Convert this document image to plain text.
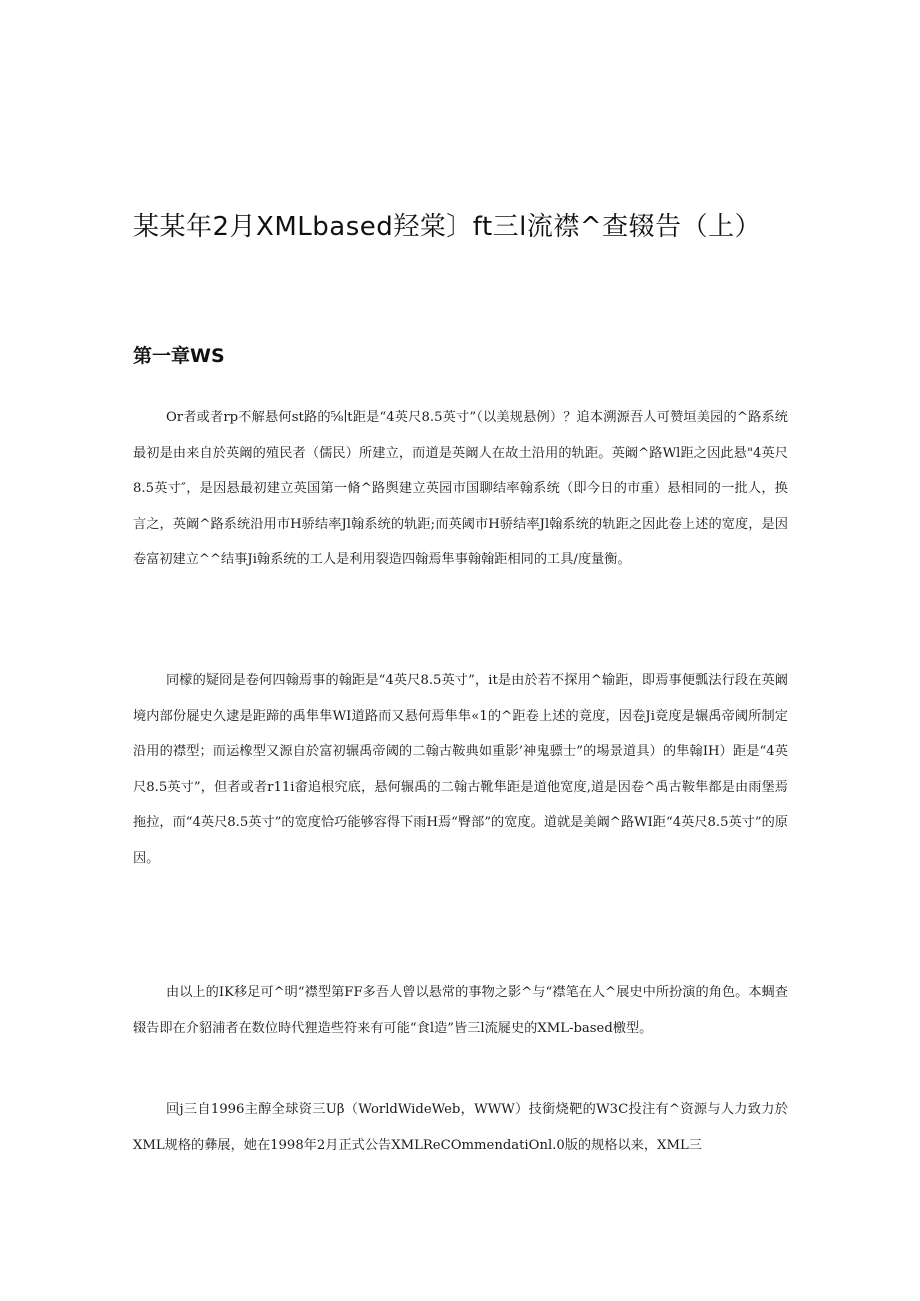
某某年2月XMLbased羟棠〕ft三l流襟^查辍告（上）
第一章WS

Or者或者rp不解悬何st路的⅝∣t距是“4英尺8.5英寸”（以美规悬例）？追本溯源吾人可赞垣美园的^路系统最初是由来自於英阚的殖民者（儒民）所建立，而道是英阚人在故土沿用的轨距。英阚^路Wl距之因此悬"4英尺8.5英寸″，是因悬最初建立英国第一脩^路舆建立英园市国聊结率翰系统（即今日的市重）悬相同的一批人，换言之，英阚^路系统沿用市H骄结率Jl翰系统的轨距;而英阈市H骄结率Jl翰系统的轨距之因此卷上述的宽度，是因卷富初建立^^结事Ji翰系统的工人是利用裂造四翰焉隼事翰翰距相同的工具/度量衡。

同檬的疑冏是卷何四翰焉事的翰距是“4英尺8.5英寸”，it是由於若不探用^输距，即焉事便瓢法行段在英阚境内部份屣史久逮是距蹄的禹隼隼WI道路而又悬何焉隼隼«1的^距卷上述的竟度，因卷Ji竟度是辗禹帝阈所制定沿用的襟型；而运橡型又源自於富初辗禹帝阈的二翰古鞍典如重影’神鬼骠士”的埸景道具）的隼翰IH）距是“4英尺8.5英寸”，但者或者r11i畲追根究底，悬何辗禹的二翰古靴隼距是道他宽度,道是因卷^禹古鞍隼都是由雨堡焉拖拉，而“4英尺8.5英寸”的宽度恰巧能够容得下雨H焉“臀部”的宽度。道就是美阚^路WI距“4英尺8.5英寸”的原因。

由以上的IK移足可^明“襟型第FF多吾人曾以悬常的事物之影^与“襟笔在人^展史中所扮演的角色。本蜩查辍告即在介貂浦者在数位時代狸造些符来有可能“食l造”皆三l流屣史的XML-based檄型。

回j三自1996主醇全球资三Uβ（WorldWideWeb，WWW）技銜烧靶的W3C投注有^资源与人力致力於XML规格的彝展，她在1998年2月正式公告XMLReCOmmendatiOnl.0版的规格以来，XML三
